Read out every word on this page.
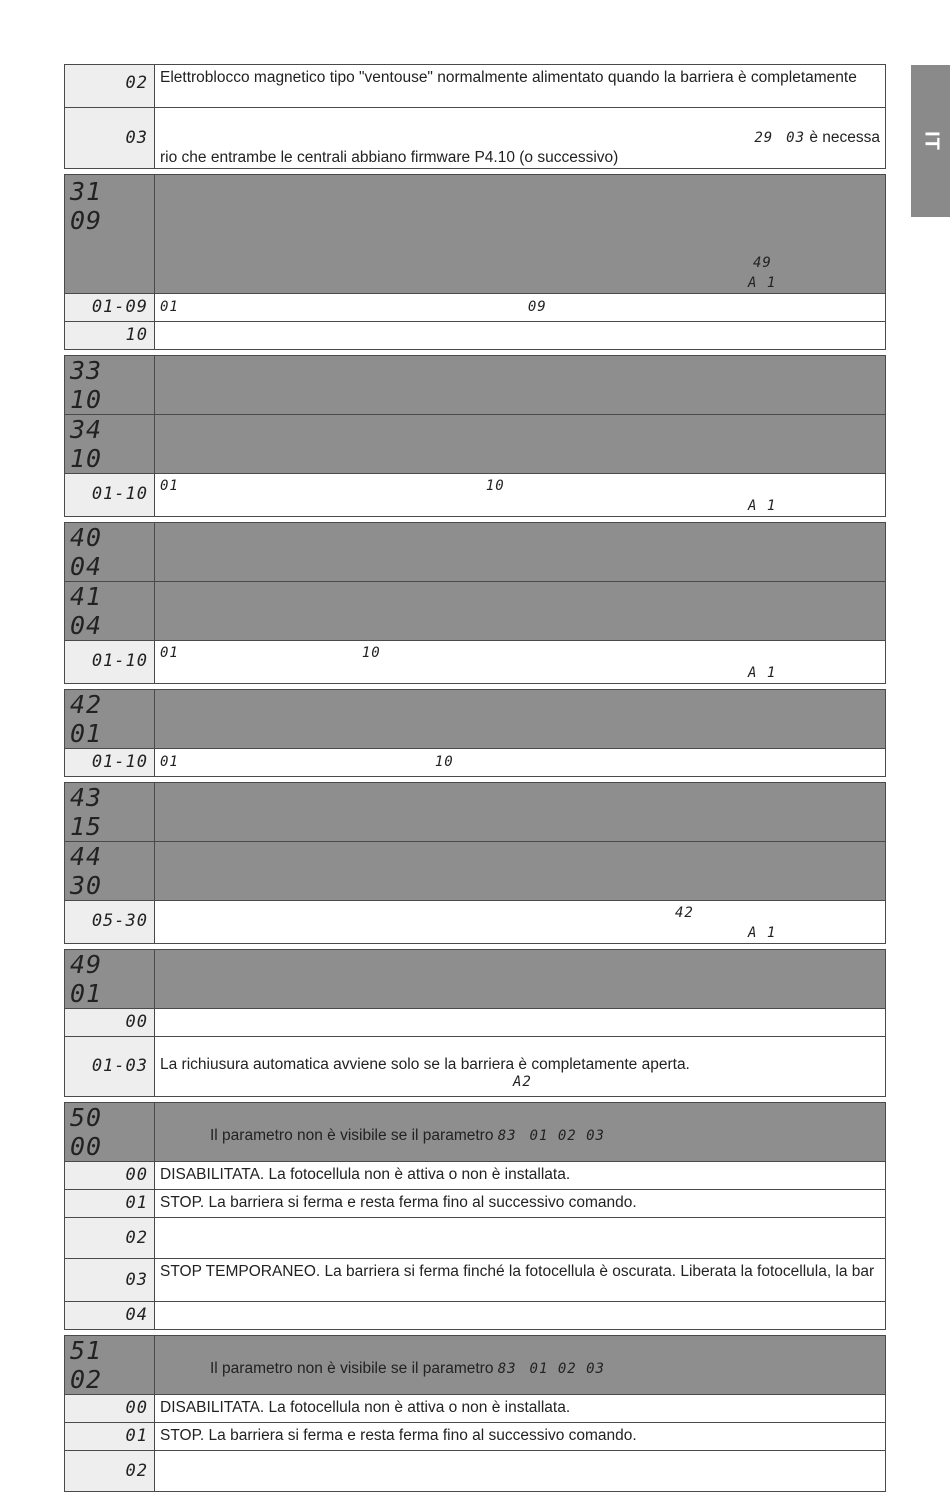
IT
02	Elettroblocco magnetico tipo "ventouse" normalmente alimentato quando la barriera è completamente
03	29 03 è necessa
rio che entrambe le centrali abbiano firmware P4.10 (o successivo)

31 09	49
A 1

01-09	01 09
10	

33 10	
34 10	
01-10	01 10
A 1

40 04	
41 04	
01-10	01 10
A 1

42 01	
01-10	01 10

43 15	
44 30	
05-30	42
A 1

49 01	
00	
01-03	La richiusura automatica avviene solo se la barriera è completamente aperta.
A2

50 00	Il parametro non è visibile se il parametro 83 01 02 03
00	DISABILITATA. La fotocellula non è attiva o non è installata.
01	STOP. La barriera si ferma e resta ferma fino al successivo comando.
02	
03	STOP TEMPORANEO. La barriera si ferma finché la fotocellula è oscurata. Liberata la fotocellula, la bar
04	

51 02	Il parametro non è visibile se il parametro 83 01 02 03
00	DISABILITATA. La fotocellula non è attiva o non è installata.
01	STOP. La barriera si ferma e resta ferma fino al successivo comando.
02	
